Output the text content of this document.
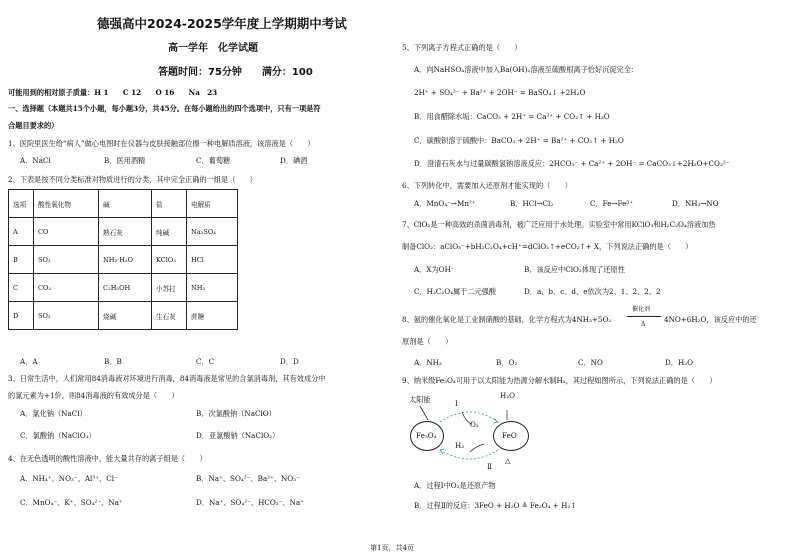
德强高中2024-2025学年度上学期期中考试
高一学年　化学试题
答题时间：75分钟　　满分：100
可能用到的相对原子质量：H 1　　C 12　　O 16　　Na　23
一、选择题（本题共15个小题，每小题3分，共45分。在每小题给出的四个选项中，只有一项是符
合题目要求的）
1、医院里医生给“病人”做心电图时在仪器与皮肤接触部位擦一种电解质溶液，该溶液是（　　）
A．NaCl	B．医用酒精	C．葡萄糖	D．碘酒
2、下表是按不同分类标准对物质进行的分类，其中完全正确的一组是（　　）
选项	酸性氧化物	碱	盐	电解质
A	CO	熟石灰	纯碱	Na₂SO₄
B	SO₃	NH₃·H₂O	KClO₃	HCl
C	CO₂	C₂H₅OH	小苏打	NH₃
D	SO₂	烧碱	生石灰	蔗糖
A．A	B．B	C．C	D．D
3、日常生活中，人们常用84消毒液对环境进行消毒，84消毒液是常见的含氯消毒剂，其有效成分中
的氯元素为+1价，则84消毒液的有效成分是（　　）
A．氯化钠（NaCl）	B．次氯酸钠（NaClO）
C．氯酸钠（NaClO₃）	D．亚氯酸钠（NaClO₂）
4、在无色透明的酸性溶液中，能大量共存的离子组是（　　）
A．NH₄⁺、NO₃⁻、Al³⁺、Cl⁻	B．Na⁺、SO₄²⁻、Ba²⁺、NO₃⁻
C．MnO₄⁻、K⁺、SO₄²⁻、Na⁺	D．Na⁺、SO₄²⁻、HCO₃⁻、Na⁺
5、下列离子方程式正确的是（　　）
A．向NaHSO₄溶液中加入Ba(OH)₂溶液至硫酸根离子恰好沉淀完全：
2H⁺ + SO₄²⁻ + Ba²⁺ + 2OH⁻ = BaSO₄↓ +2H₂O
B．用食醋除水垢：CaCO₃ + 2H⁺ = Ca²⁺ + CO₂↑ + H₂O
C．碳酸钡溶于硫酸中：BaCO₃ + 2H⁺ = Ba²⁺ + CO₂↑ + H₂O
D．澄清石灰水与过量碳酸氢钠溶液反应：2HCO₃⁻ + Ca²⁺ + 2OH⁻ = CaCO₃↓+2H₂O+CO₃²⁻
6、下列转化中，需要加入还原剂才能实现的（　　）
A．MnO₄⁻→Mn²⁺	B．HCl→Cl₂	C．Fe→Fe³⁺	D．NH₃→NO
7、ClO₂是一种高效的杀菌消毒剂，被广泛应用于水处理。实验室中常用KClO₃和H₂C₂O₄溶液加热
制备ClO₂：aClO₃⁻+bH₂C₂O₄+cH⁺=dClO₂↑+eCO₂↑+ X，下列说法正确的是（　　）
A．X为OH⁻	B．该反应中ClO₂体现了还原性
C．H₂C₂O₄属于二元强酸	D．a、b、c、d、e依次为2、1、2、2、2
8、氨的催化氧化是工业制硝酸的基础，化学方程式为4NH₃+5O₂
催化剂
Δ
4NO+6H₂O，该反应中的还
原剂是（　　）
A．NH₃	B．O₂	C．NO	D．H₂O
9、纳米级Fe₃O₄可用于以太阳能为热源分解水制H₂，其过程如图所示，下列说法正确的是（　　）
太阳能
Fe₃O₄	FeO
Ⅰ
O₂
H₂O
H₂
Ⅱ
△
A．过程Ⅰ中O₂是还原产物
B．过程Ⅱ的反应：3FeO + H₂O ≜ Fe₃O₄ + H₂↑
第1页，共4页
